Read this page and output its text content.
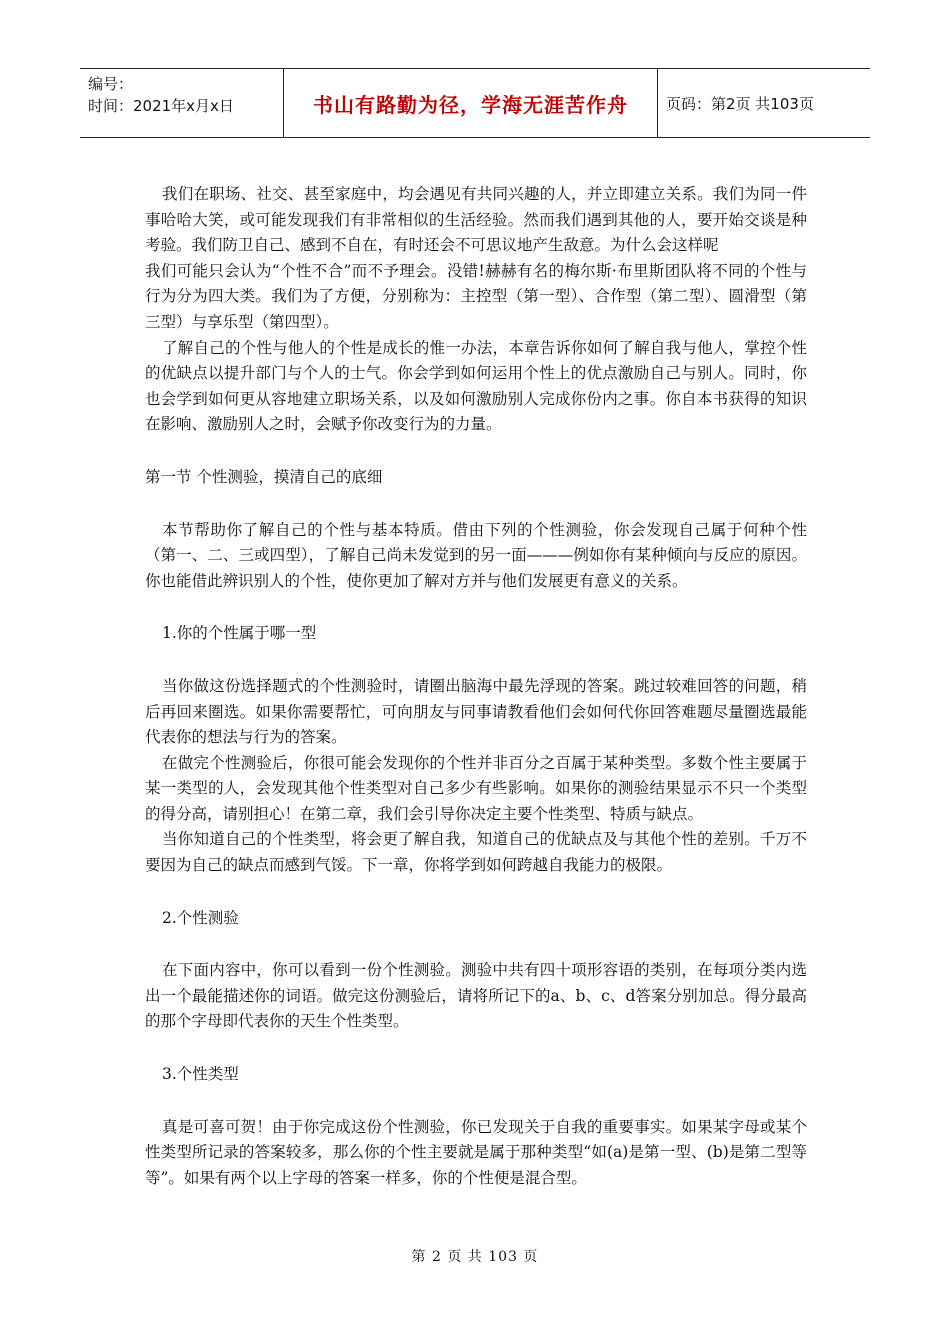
编号：
时间：2021年x月x日	书山有路勤为径，学海无涯苦作舟	页码：第2页 共103页

我们在职场、社交、甚至家庭中，均会遇见有共同兴趣的人，并立即建立关系。我们为同一件事哈哈大笑，或可能发现我们有非常相似的生活经验。然而我们遇到其他的人，要开始交谈是种考验。我们防卫自己、感到不自在，有时还会不可思议地产生敌意。为什么会这样呢

我们可能只会认为“个性不合”而不予理会。没错!赫赫有名的梅尔斯·布里斯团队将不同的个性与行为分为四大类。我们为了方便，分别称为：主控型（第一型）、合作型（第二型）、圆滑型（第三型）与享乐型（第四型）。

了解自己的个性与他人的个性是成长的惟一办法，本章告诉你如何了解自我与他人，掌控个性的优缺点以提升部门与个人的士气。你会学到如何运用个性上的优点激励自己与别人。同时，你也会学到如何更从容地建立职场关系，以及如何激励别人完成你份内之事。你自本书获得的知识在影响、激励别人之时，会赋予你改变行为的力量。

第一节 个性测验，摸清自己的底细

本节帮助你了解自己的个性与基本特质。借由下列的个性测验，你会发现自己属于何种个性（第一、二、三或四型），了解自己尚未发觉到的另一面———例如你有某种倾向与反应的原因。你也能借此辨识别人的个性，使你更加了解对方并与他们发展更有意义的关系。

1.你的个性属于哪一型

当你做这份选择题式的个性测验时，请圈出脑海中最先浮现的答案。跳过较难回答的问题，稍后再回来圈选。如果你需要帮忙，可向朋友与同事请教看他们会如何代你回答难题尽量圈选最能代表你的想法与行为的答案。

在做完个性测验后，你很可能会发现你的个性并非百分之百属于某种类型。多数个性主要属于某一类型的人，会发现其他个性类型对自己多少有些影响。如果你的测验结果显示不只一个类型的得分高，请别担心！在第二章，我们会引导你决定主要个性类型、特质与缺点。

当你知道自己的个性类型，将会更了解自我，知道自己的优缺点及与其他个性的差别。千万不要因为自己的缺点而感到气馁。下一章，你将学到如何跨越自我能力的极限。

2.个性测验

在下面内容中，你可以看到一份个性测验。测验中共有四十项形容语的类别，在每项分类内选出一个最能描述你的词语。做完这份测验后，请将所记下的a、b、c、d答案分别加总。得分最高的那个字母即代表你的天生个性类型。

3.个性类型

真是可喜可贺！由于你完成这份个性测验，你已发现关于自我的重要事实。如果某字母或某个性类型所记录的答案较多，那么你的个性主要就是属于那种类型“如(a)是第一型、(b)是第二型等等”。如果有两个以上字母的答案一样多，你的个性便是混合型。

第 2 页 共 103 页
